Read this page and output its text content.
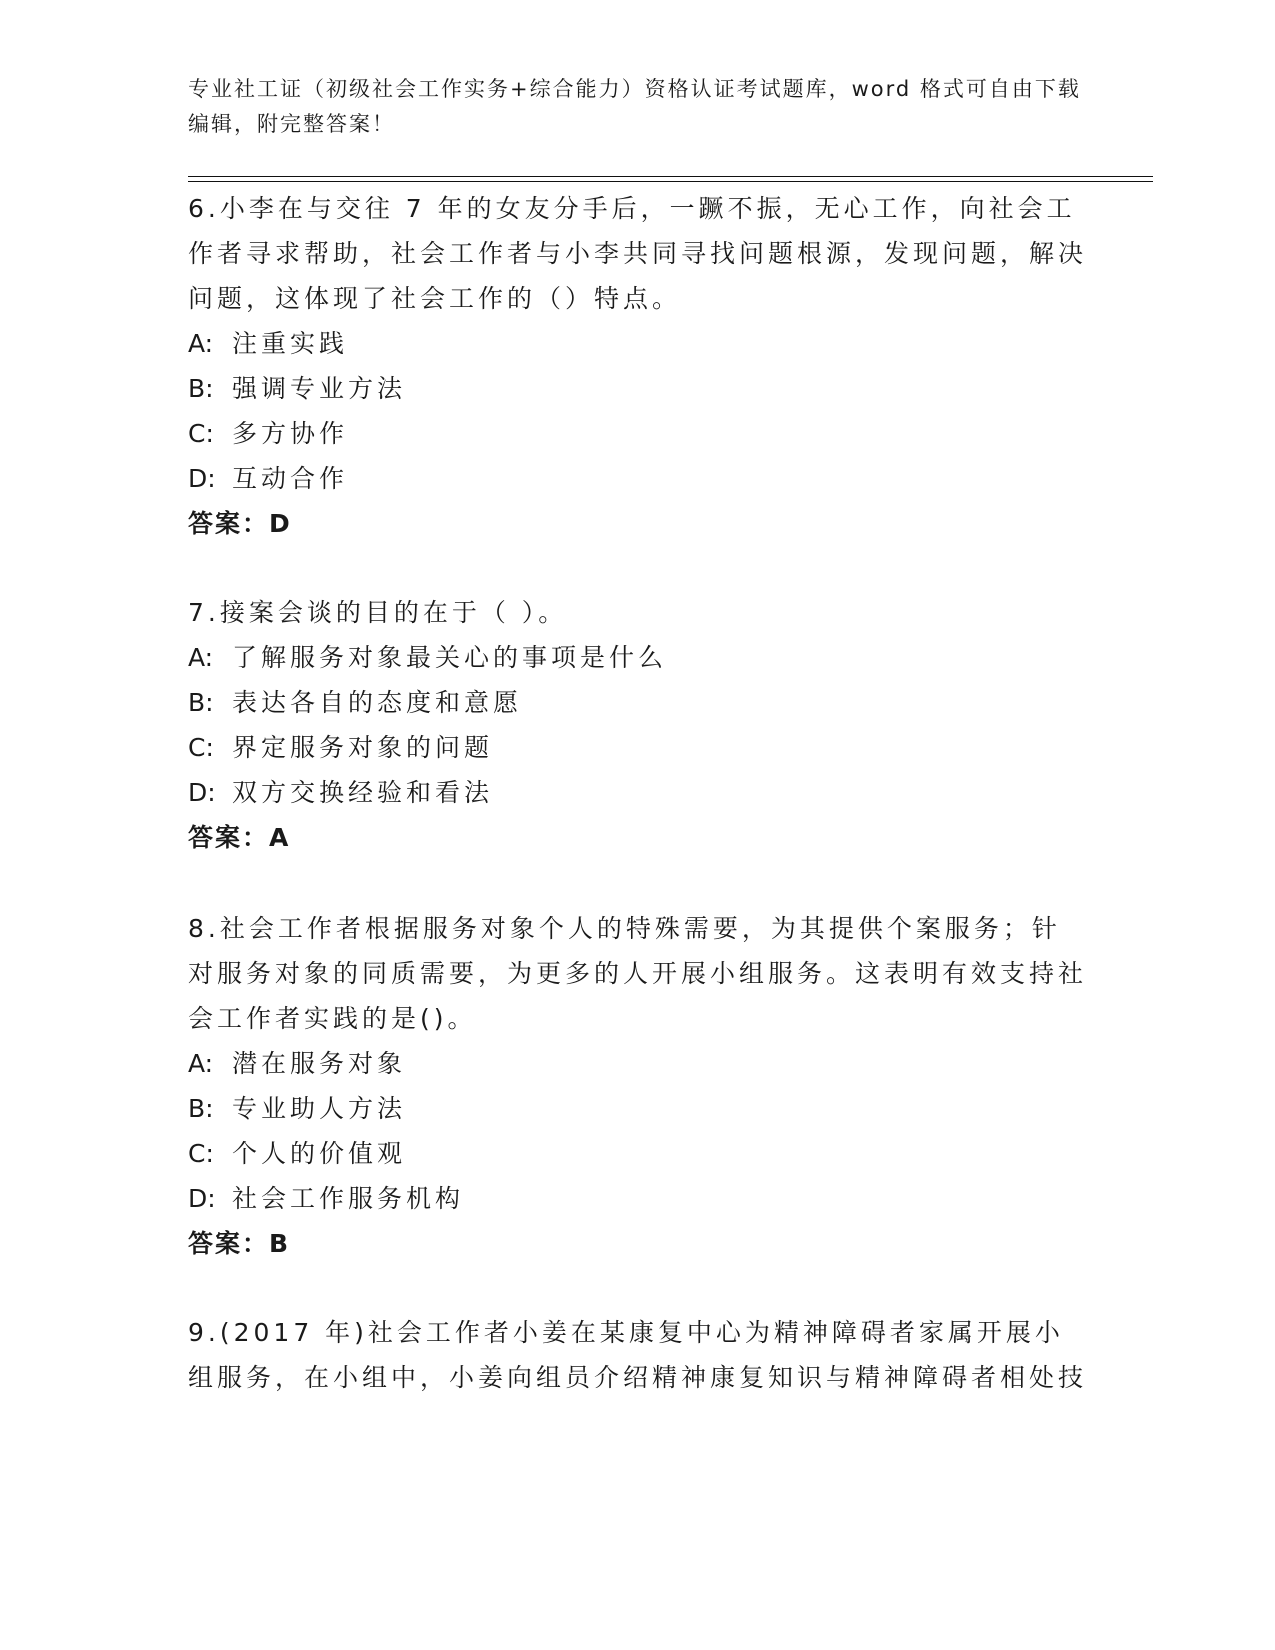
专业社工证（初级社会工作实务+综合能力）资格认证考试题库，word 格式可自由下载编辑，附完整答案！
6.小李在与交往 7 年的女友分手后，一蹶不振，无心工作，向社会工作者寻求帮助，社会工作者与小李共同寻找问题根源，发现问题，解决问题，这体现了社会工作的（）特点。
A: 注重实践
B: 强调专业方法
C: 多方协作
D: 互动合作
答案：D
7.接案会谈的目的在于（ ）。
A: 了解服务对象最关心的事项是什么
B: 表达各自的态度和意愿
C: 界定服务对象的问题
D: 双方交换经验和看法
答案：A
8.社会工作者根据服务对象个人的特殊需要，为其提供个案服务；针对服务对象的同质需要，为更多的人开展小组服务。这表明有效支持社会工作者实践的是()。
A: 潜在服务对象
B: 专业助人方法
C: 个人的价值观
D: 社会工作服务机构
答案：B
9.(2017 年)社会工作者小姜在某康复中心为精神障碍者家属开展小组服务，在小组中，小姜向组员介绍精神康复知识与精神障碍者相处技
